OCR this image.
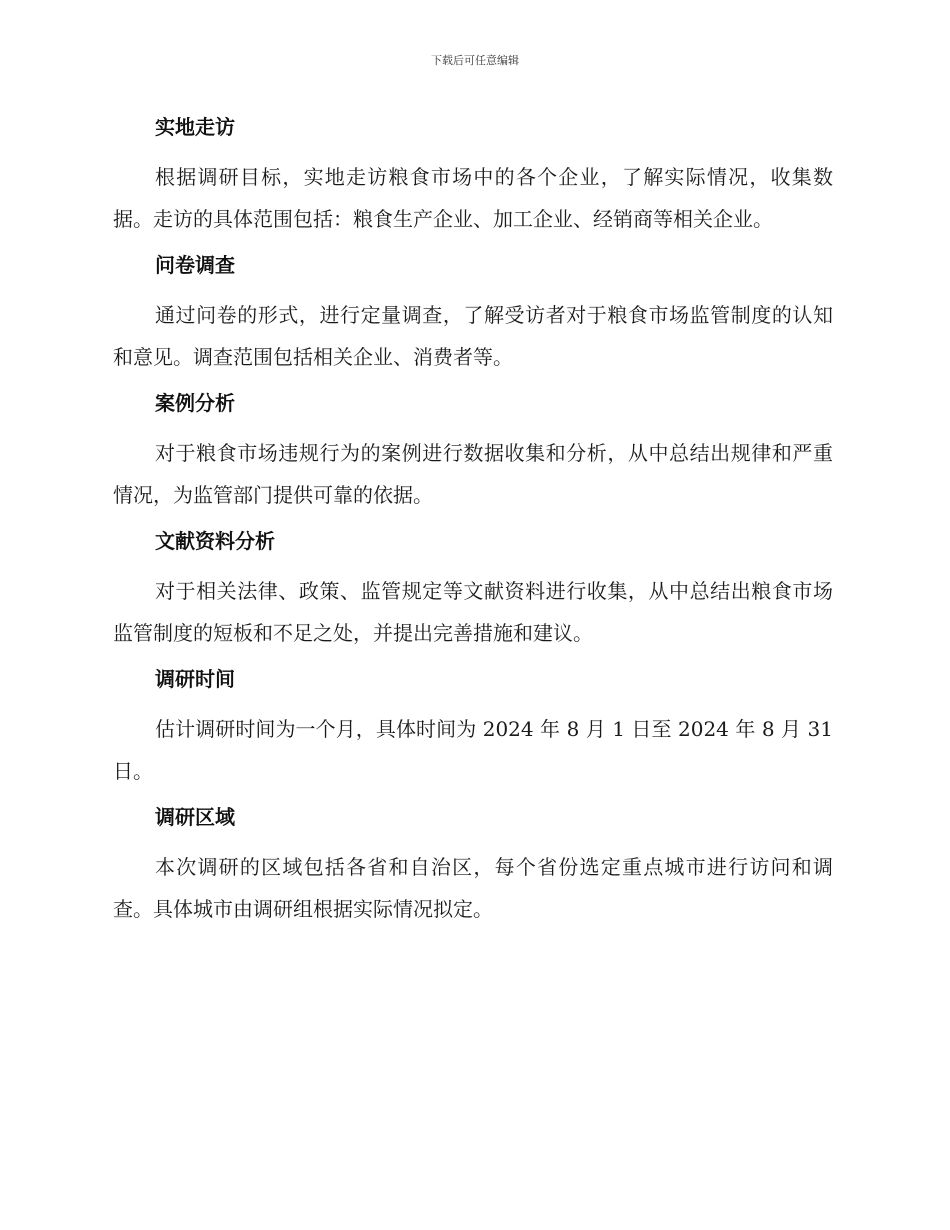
下载后可任意编辑
实地走访

根据调研目标，实地走访粮食市场中的各个企业，了解实际情况，收集数据。走访的具体范围包括：粮食生产企业、加工企业、经销商等相关企业。

问卷调查

通过问卷的形式，进行定量调查，了解受访者对于粮食市场监管制度的认知和意见。调查范围包括相关企业、消费者等。

案例分析

对于粮食市场违规行为的案例进行数据收集和分析，从中总结出规律和严重情况，为监管部门提供可靠的依据。

文献资料分析

对于相关法律、政策、监管规定等文献资料进行收集，从中总结出粮食市场监管制度的短板和不足之处，并提出完善措施和建议。

调研时间

估计调研时间为一个月，具体时间为 2024 年 8 月 1 日至 2024 年 8 月 31 日。

调研区域

本次调研的区域包括各省和自治区，每个省份选定重点城市进行访问和调查。具体城市由调研组根据实际情况拟定。
